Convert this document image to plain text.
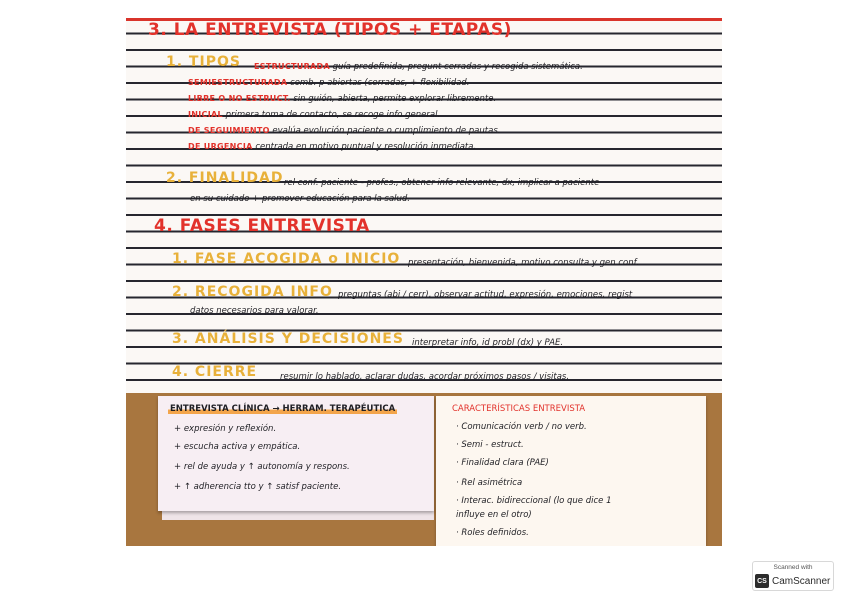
3. LA ENTREVISTA (TIPOS + ETAPAS)
1. TIPOS ESTRUCTURADA guía predefinida, pregunt cerradas y recogida sistemática.
SEMIESTRUCTURADA comb. p abiertas (cerradas, + flexibilidad.
LIBRE O NO ESTRUCT. sin guión, abierta, permite explorar libremente.
INICIAL primera toma de contacto, se recoge info general.
DE SEGUIMIENTO evalúa evolución paciente o cumplimiento de pautas.
DE URGENCIA centrada en motivo puntual y resolución inmediata.
2. FINALIDAD rel conf. paciente - profes., obtener info relevante, dx, implicar a paciente
en su cuidado + promover educación para la salud.
4. FASES ENTREVISTA
1. FASE ACOGIDA o INICIO presentación, bienvenida, motivo consulta y gen conf.
2. RECOGIDA INFO preguntas (abi / cerr), observar actitud, expresión, emociones, regist
datos necesarios para valorar.
3. ANÁLISIS Y DECISIONES interpretar info, id probl (dx) y PAE.
4. CIERRE	resumir lo hablado, aclarar dudas, acordar próximos pasos / visitas.
ENTREVISTA CLÍNICA → HERRAM. TERAPÉUTICA
+ expresión y reflexión.
+ escucha activa y empática.
+ rel de ayuda y ↑ autonomía y respons.
+ ↑ adherencia tto y ↑ satisf paciente.
CARACTERÍSTICAS ENTREVISTA
· Comunicación verb / no verb.
· Semi - estruct.
· Finalidad clara (PAE)
· Rel asimétrica
· Interac. bidireccional (lo que dice 1
influye en el otro)
· Roles definidos.
Scanned with
CS CamScanner
